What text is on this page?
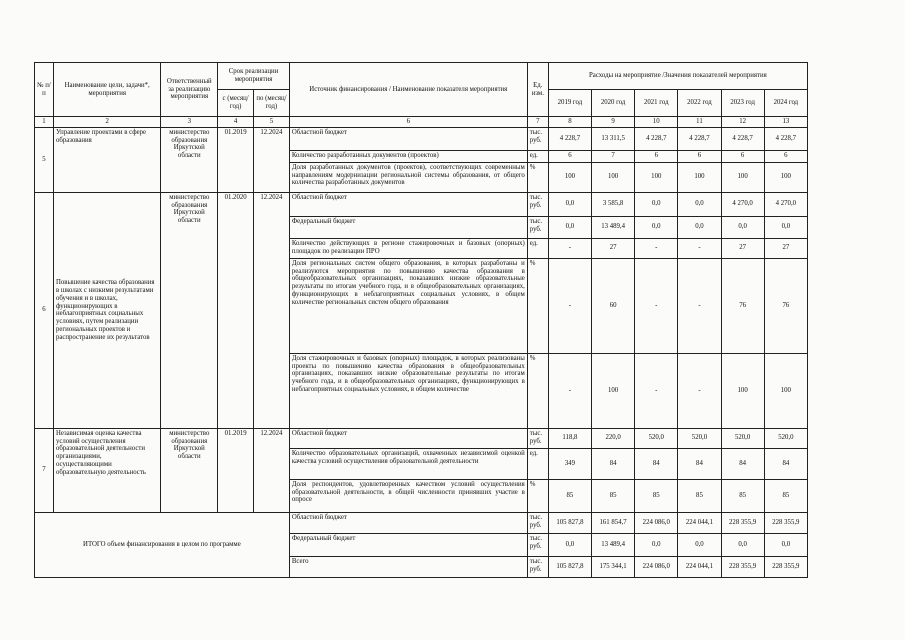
№ п/п	Наименование цели, задачи*, мероприятия	Ответственный за реализацию мероприятия	Срок реализации мероприятия		Источник финансирования / Наименование показателя мероприятия	Ед. изм.	Расходы на мероприятие /Значения показателей мероприятия					
			с (месяц/ год)	по (месяц/ год)			2019 год	2020 год	2021 год	2022 год	2023 год	2024 год
1	2	3	4	5	6	7	8	9	10	11	12	13
5	Управление проектами в сфере образования	министерство образования Иркутской области	01.2019	12.2024	Областной бюджет	тыс. руб.	4 228,7	13 311,5	4 228,7	4 228,7	4 228,7	4 228,7
					Количество разработанных документов (проектов)	ед.	6	7	6	6	6	6
					Доля разработанных документов (проектов), соответствующих современным направлениям модернизации региональной системы образования, от общего количества разработанных документов	%	100	100	100	100	100	100
6	Повышение качества образования в школах с низкими результатами обучения и в школах, функционирующих в неблагоприятных социальных условиях, путем реализации региональных проектов и распространение их результатов	министерство образования Иркутской области	01.2020	12.2024	Областной бюджет	тыс. руб.	0,0	3 585,8	0,0	0,0	4 270,0	4 270,0
					Федеральный бюджет	тыс. руб.	0,0	13 489,4	0,0	0,0	0,0	0,0
					Количество действующих в регионе стажировочных и базовых (опорных) площадок по реализации ПРО	ед.	-	27	-	-	27	27
					Доля региональных систем общего образования, в которых разработаны и реализуются мероприятия по повышению качества образования в общеобразовательных организациях, показавших низкие образовательные результаты по итогам учебного года, и в общеобразовательных организациях, функционирующих в неблагоприятных социальных условиях, в общем количестве региональных систем общего образования	%	-	60	-	-	76	76
					Доля стажировочных и базовых (опорных) площадок, в которых реализованы проекты по повышению качества образования в общеобразовательных организациях, показавших низкие образовательные результаты по итогам учебного года, и в общеобразовательных организациях, функционирующих в неблагоприятных социальных условиях, в общем количестве	%	-	100	-	-	100	100
7	Независимая оценка качества условий осуществления образовательной деятельности организациями, осуществляющими образовательную деятельность	министерство образования Иркутской области	01.2019	12.2024	Областной бюджет	тыс. руб.	118,8	220,0	520,0	520,0	520,0	520,0
					Количество образовательных организаций, охваченных независимой оценкой качества условий осуществления образовательной деятельности	ед.	349	84	84	84	84	84
					Доля респондентов, удовлетворенных качеством условий осуществления образовательной деятельности, в общей численности принявших участие в опросе	%	85	85	85	85	85	85
ИТОГО объем финансирования в целом по программе					Областной бюджет	тыс. руб.	105 827,8	161 854,7	224 086,0	224 044,1	228 355,9	228 355,9
					Федеральный бюджет	тыс. руб.	0,0	13 489,4	0,0	0,0	0,0	0,0
					Всего	тыс. руб.	105 827,8	175 344,1	224 086,0	224 044,1	228 355,9	228 355,9
